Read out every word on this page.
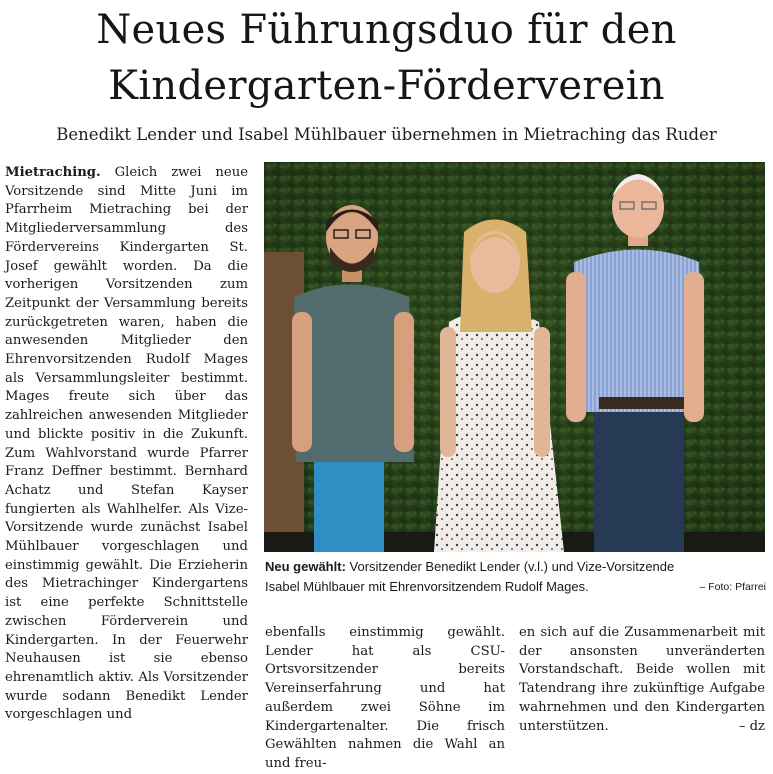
Neues Führungsduo für den
Kindergarten-Förderverein
Benedikt Lender und Isabel Mühlbauer übernehmen in Mietraching das Ruder
Mietraching. Gleich zwei neue Vorsitzende sind Mitte Juni im Pfarrheim Mietraching bei der Mitgliederversammlung des Fördervereins Kindergarten St. Josef gewählt worden. Da die vorherigen Vorsitzenden zum Zeitpunkt der Versammlung bereits zurückgetreten waren, haben die anwesenden Mitglieder den Ehrenvorsitzenden Rudolf Mages als Versammlungsleiter bestimmt. Mages freute sich über das zahlreichen anwesenden Mitglieder und blickte positiv in die Zukunft. Zum Wahlvorstand wurde Pfarrer Franz Deffner bestimmt. Bernhard Achatz und Stefan Kayser fungierten als Wahlhelfer. Als Vize-Vorsitzende wurde zunächst Isabel Mühlbauer vorgeschlagen und einstimmig gewählt. Die Erzieherin des Mietrachinger Kindergartens ist eine perfekte Schnittstelle zwischen Förderverein und Kindergarten. In der Feuerwehr Neuhausen ist sie ebenso ehrenamtlich aktiv. Als Vorsitzender wurde sodann Benedikt Lender vorgeschlagen und
Neu gewählt: Vorsitzender Benedikt Lender (v.l.) und Vize-Vorsitzende
Isabel Mühlbauer mit Ehrenvorsitzendem Rudolf Mages.	– Foto: Pfarrei
ebenfalls einstimmig gewählt. Lender hat als CSU-Ortsvorsitzender bereits Vereinserfahrung und hat außerdem zwei Söhne im Kindergartenalter. Die frisch Gewählten nahmen die Wahl an und freu-
en sich auf die Zusammenarbeit mit der ansonsten unveränderten Vorstandschaft. Beide wollen mit Tatendrang ihre zukünftige Aufgabe wahrnehmen und den Kindergarten unterstützen.	– dz
